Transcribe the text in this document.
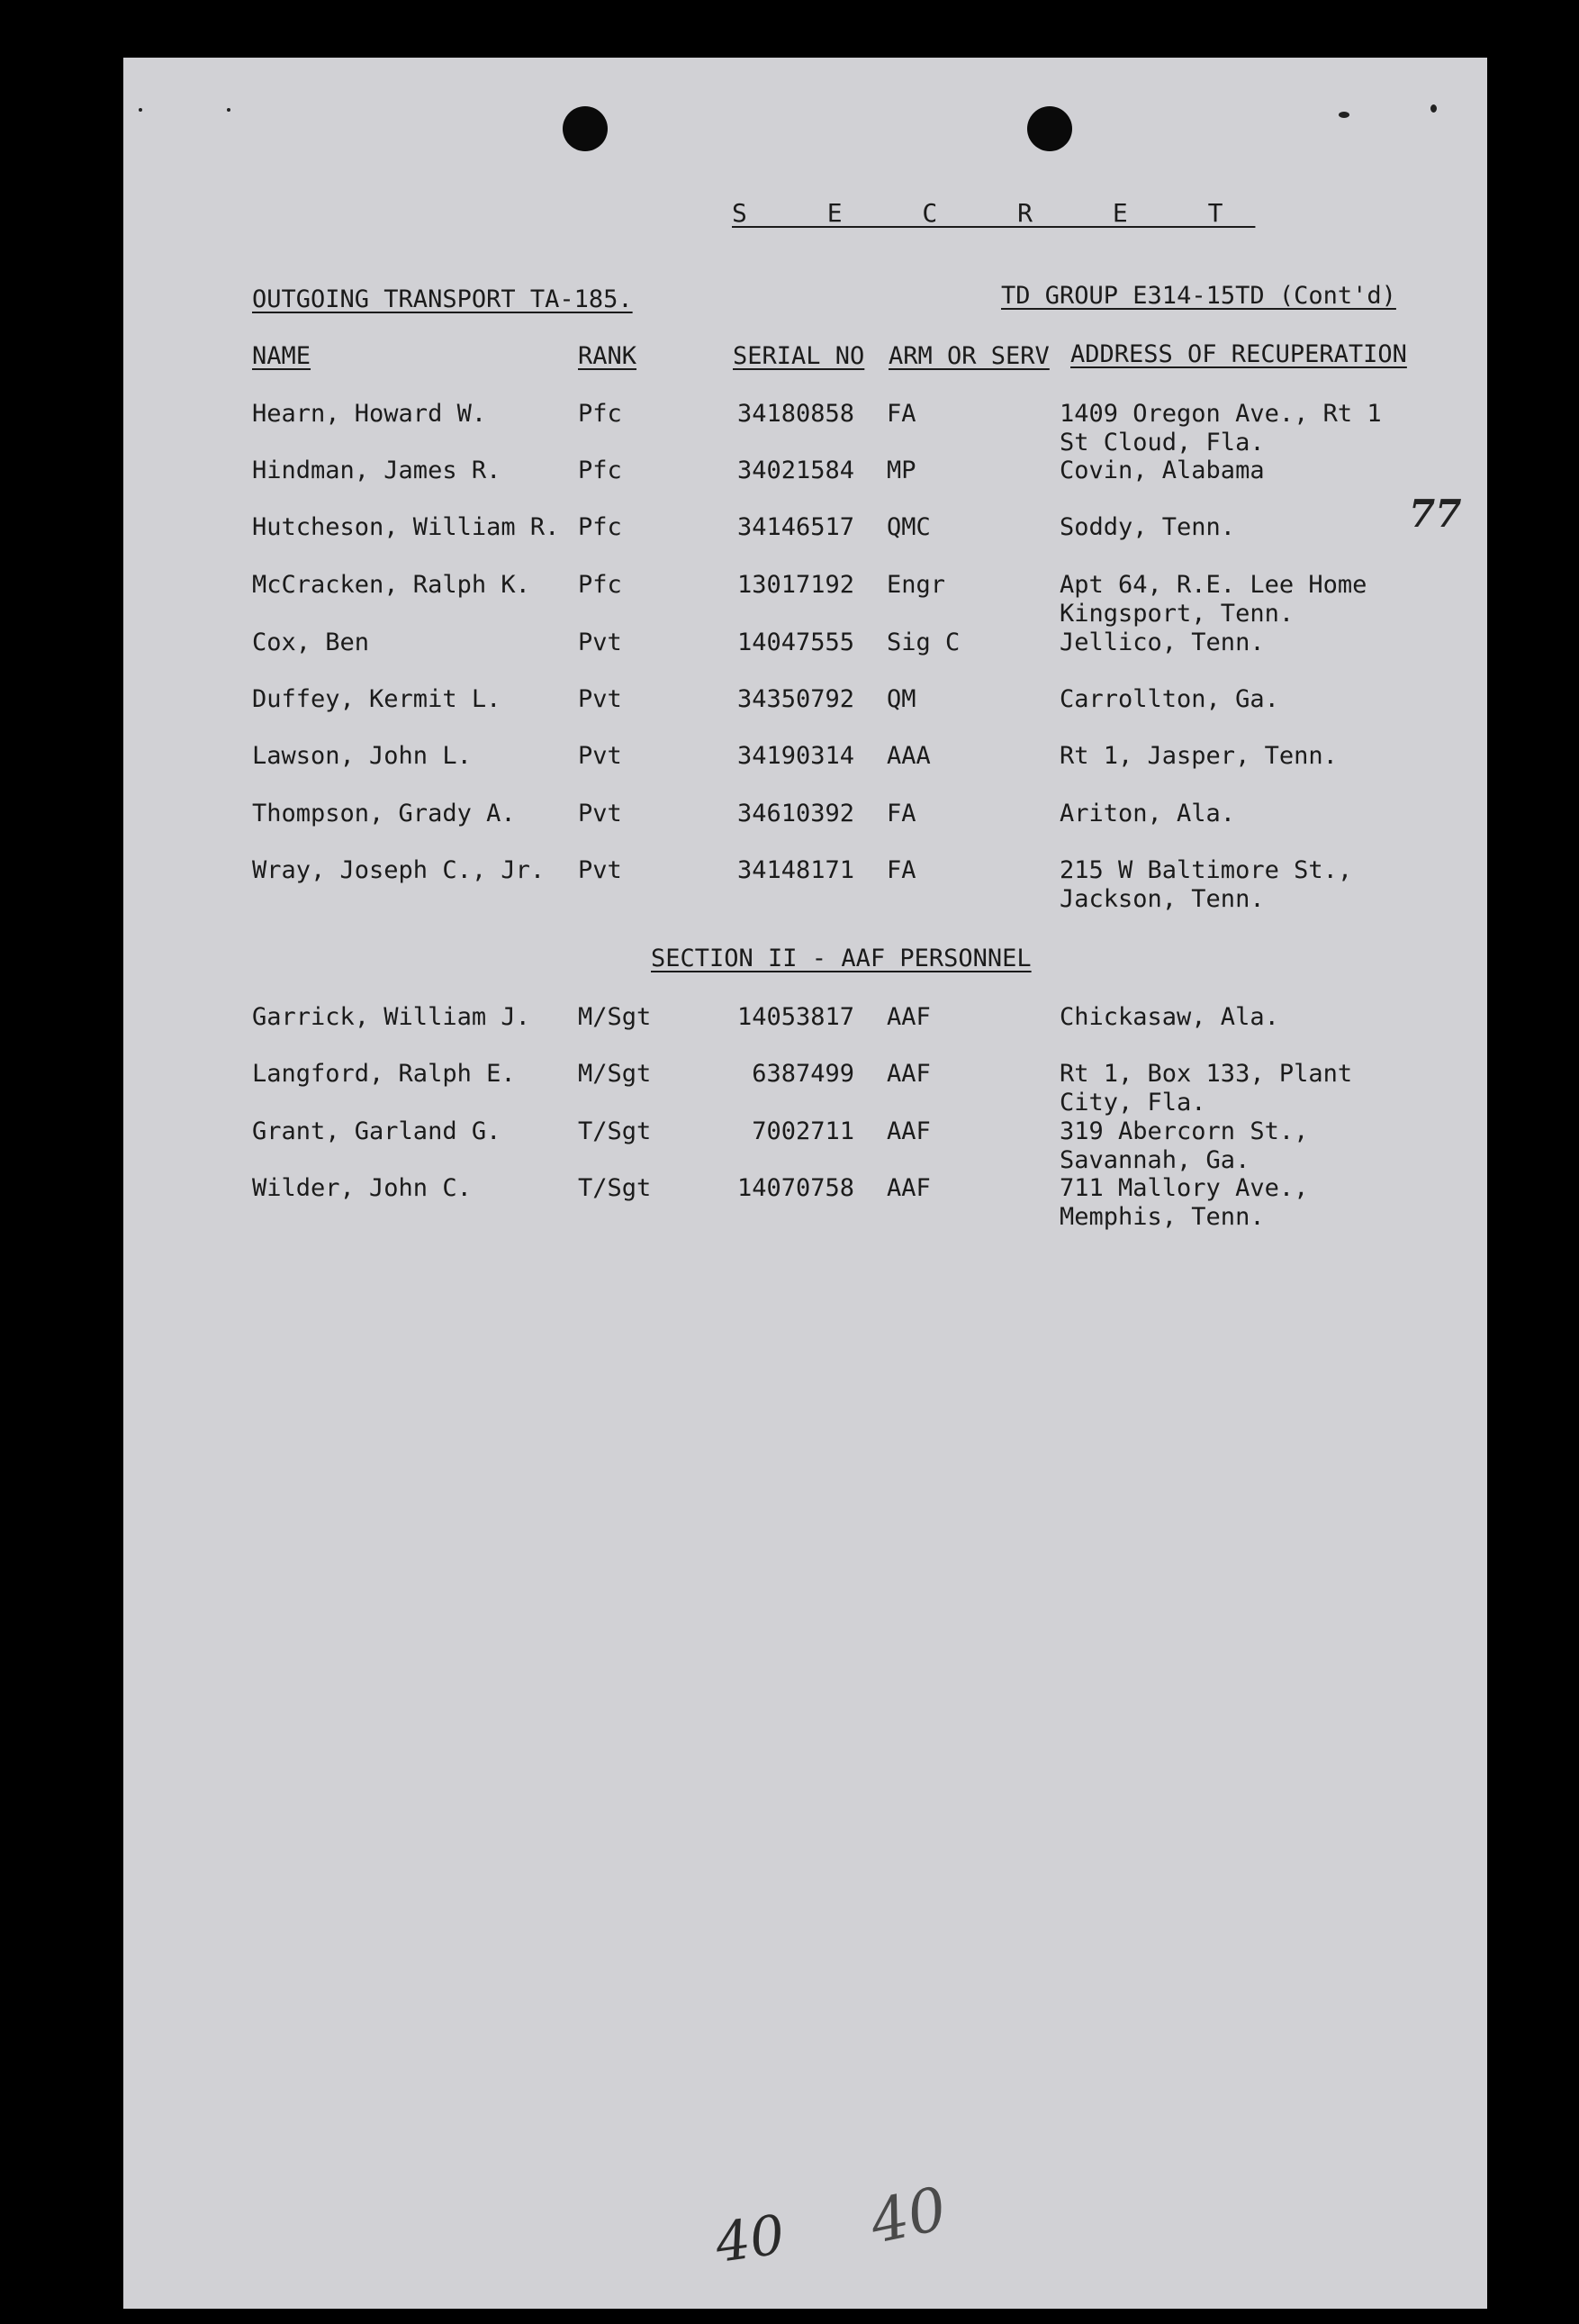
S E C R E T
OUTGOING TRANSPORT TA-185.	TD GROUP E314-15TD (Cont'd)
NAME	RANK	SERIAL NO ARM OR SERV ADDRESS OF RECUPERATION
Hearn, Howard W.	Pfc	34180858 FA	1409 Oregon Ave., Rt 1
St Cloud, Fla.
Hindman, James R.	Pfc	34021584 MP	Covin, Alabama
Hutcheson, William R. Pfc	34146517 QMC	Soddy, Tenn.
McCracken, Ralph K. Pfc	13017192 Engr	Apt 64, R.E. Lee Home
Kingsport, Tenn.
Cox, Ben	Pvt	14047555 Sig C	Jellico, Tenn.
Duffey, Kermit L.	Pvt	34350792 QM	Carrollton, Ga.
Lawson, John L.	Pvt	34190314 AAA	Rt 1, Jasper, Tenn.
Thompson, Grady A.	Pvt	34610392 FA	Ariton, Ala.
Wray, Joseph C., Jr. Pvt	34148171 FA	215 W Baltimore St.,
Jackson, Tenn.
SECTION II - AAF PERSONNEL
Garrick, William J. M/Sgt	14053817 AAF	Chickasaw, Ala.
Langford, Ralph E.	M/Sgt	6387499 AAF	Rt 1, Box 133, Plant
City, Fla.
Grant, Garland G.	T/Sgt	7002711 AAF	319 Abercorn St.,
Savannah, Ga.
Wilder, John C.	T/Sgt	14070758 AAF	711 Mallory Ave.,
Memphis, Tenn.
77
40 40
